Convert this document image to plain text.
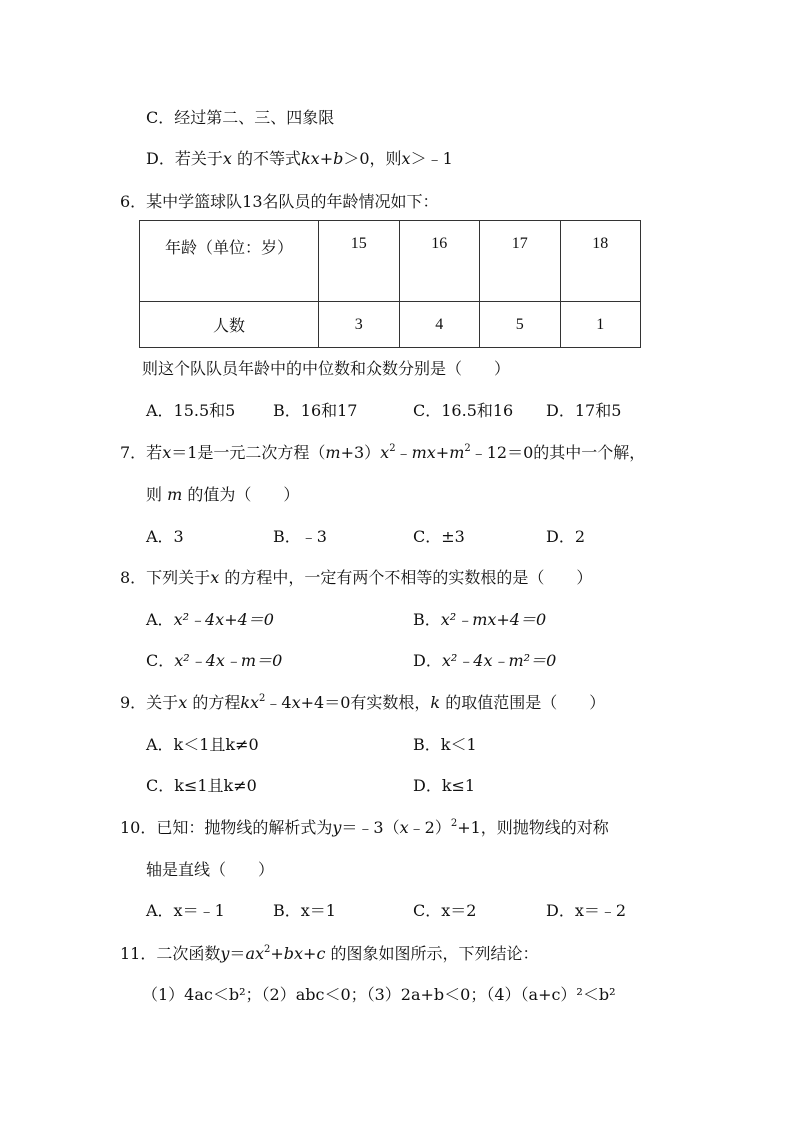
C．经过第二、三、四象限
D．若关于x 的不等式kx+b＞0，则x＞﹣1
6．某中学篮球队13名队员的年龄情况如下：
年龄（单位：岁）	15	16	17	18
人数	3	4	5	1
则这个队队员年龄中的中位数和众数分别是（　　）
A．15.5和5 B．16和17	C．16.5和16 D．17和5
7．若x＝1是一元二次方程$(m+3)x^2﹣mx+m^2﹣12=0$的其中一个解，
则 m 的值为（　　）
A．3	B．﹣3	C．±3	D．2
8．下列关于x 的方程中，一定有两个不相等的实数根的是（　　）
A．x²﹣4x+4＝0	B．x²﹣mx+4＝0
C．x²﹣4x﹣m＝0	D．x²﹣4x﹣m²＝0
9．关于x 的方程$kx^2﹣4x+4=0$有实数根，k 的取值范围是（　　）
A．k＜1且k≠0	B．k＜1
C．k≤1且k≠0	D．k≤1
10．已知：抛物线的解析式为y＝﹣3（x﹣2）$^2$+1，则抛物线的对称
轴是直线（　　）
A．x＝﹣1	B．x＝1	C．x＝2	D．x＝﹣2
11．二次函数$y=ax^2+bx+c$ 的图象如图所示，下列结论：
（1）4ac＜b²；（2）abc＜0；（3）2a+b＜0；（4）（a+c）²＜b²
